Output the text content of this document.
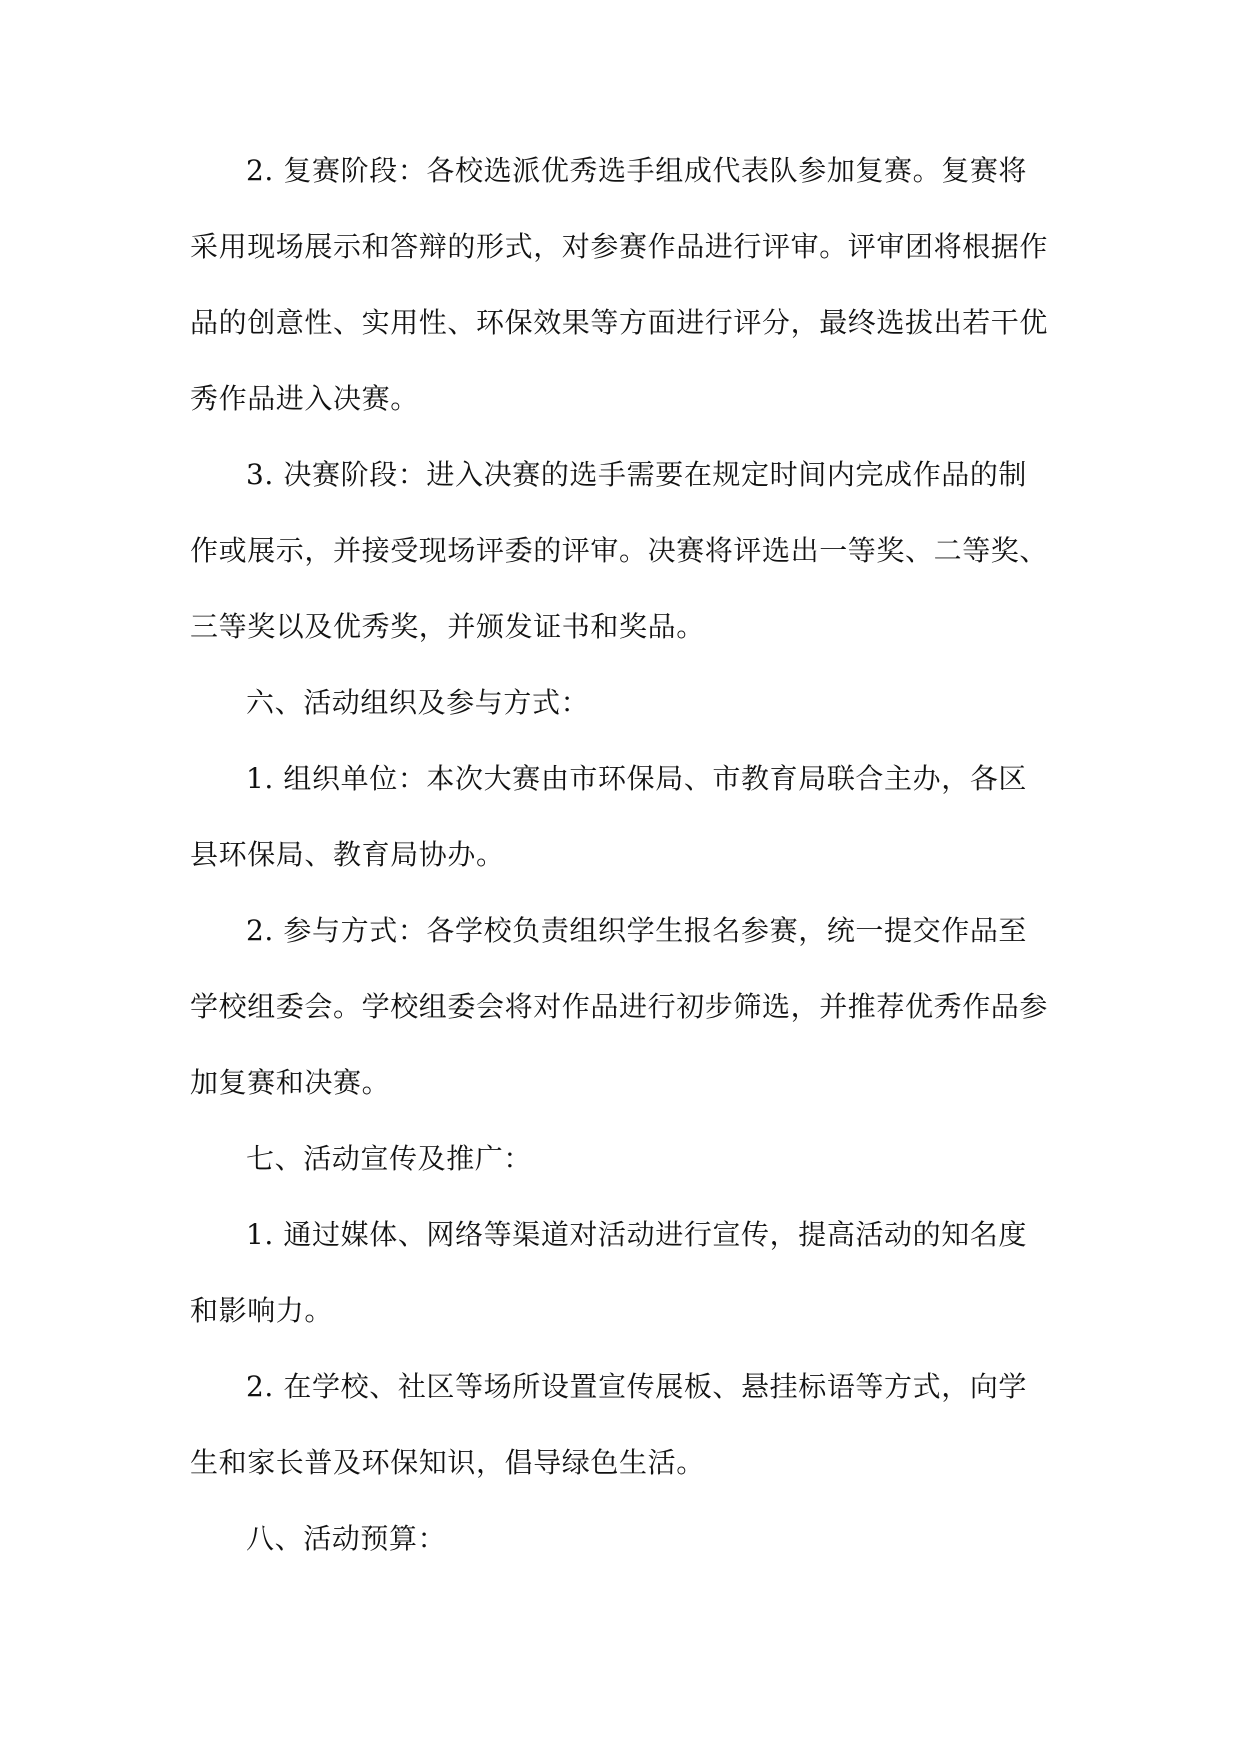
2. 复赛阶段：各校选派优秀选手组成代表队参加复赛。复赛将
采用现场展示和答辩的形式，对参赛作品进行评审。评审团将根据作
品的创意性、实用性、环保效果等方面进行评分，最终选拔出若干优
秀作品进入决赛。
3. 决赛阶段：进入决赛的选手需要在规定时间内完成作品的制
作或展示，并接受现场评委的评审。决赛将评选出一等奖、二等奖、
三等奖以及优秀奖，并颁发证书和奖品。
六、活动组织及参与方式：
1. 组织单位：本次大赛由市环保局、市教育局联合主办，各区
县环保局、教育局协办。
2. 参与方式：各学校负责组织学生报名参赛，统一提交作品至
学校组委会。学校组委会将对作品进行初步筛选，并推荐优秀作品参
加复赛和决赛。
七、活动宣传及推广：
1. 通过媒体、网络等渠道对活动进行宣传，提高活动的知名度
和影响力。
2. 在学校、社区等场所设置宣传展板、悬挂标语等方式，向学
生和家长普及环保知识，倡导绿色生活。
八、活动预算：
